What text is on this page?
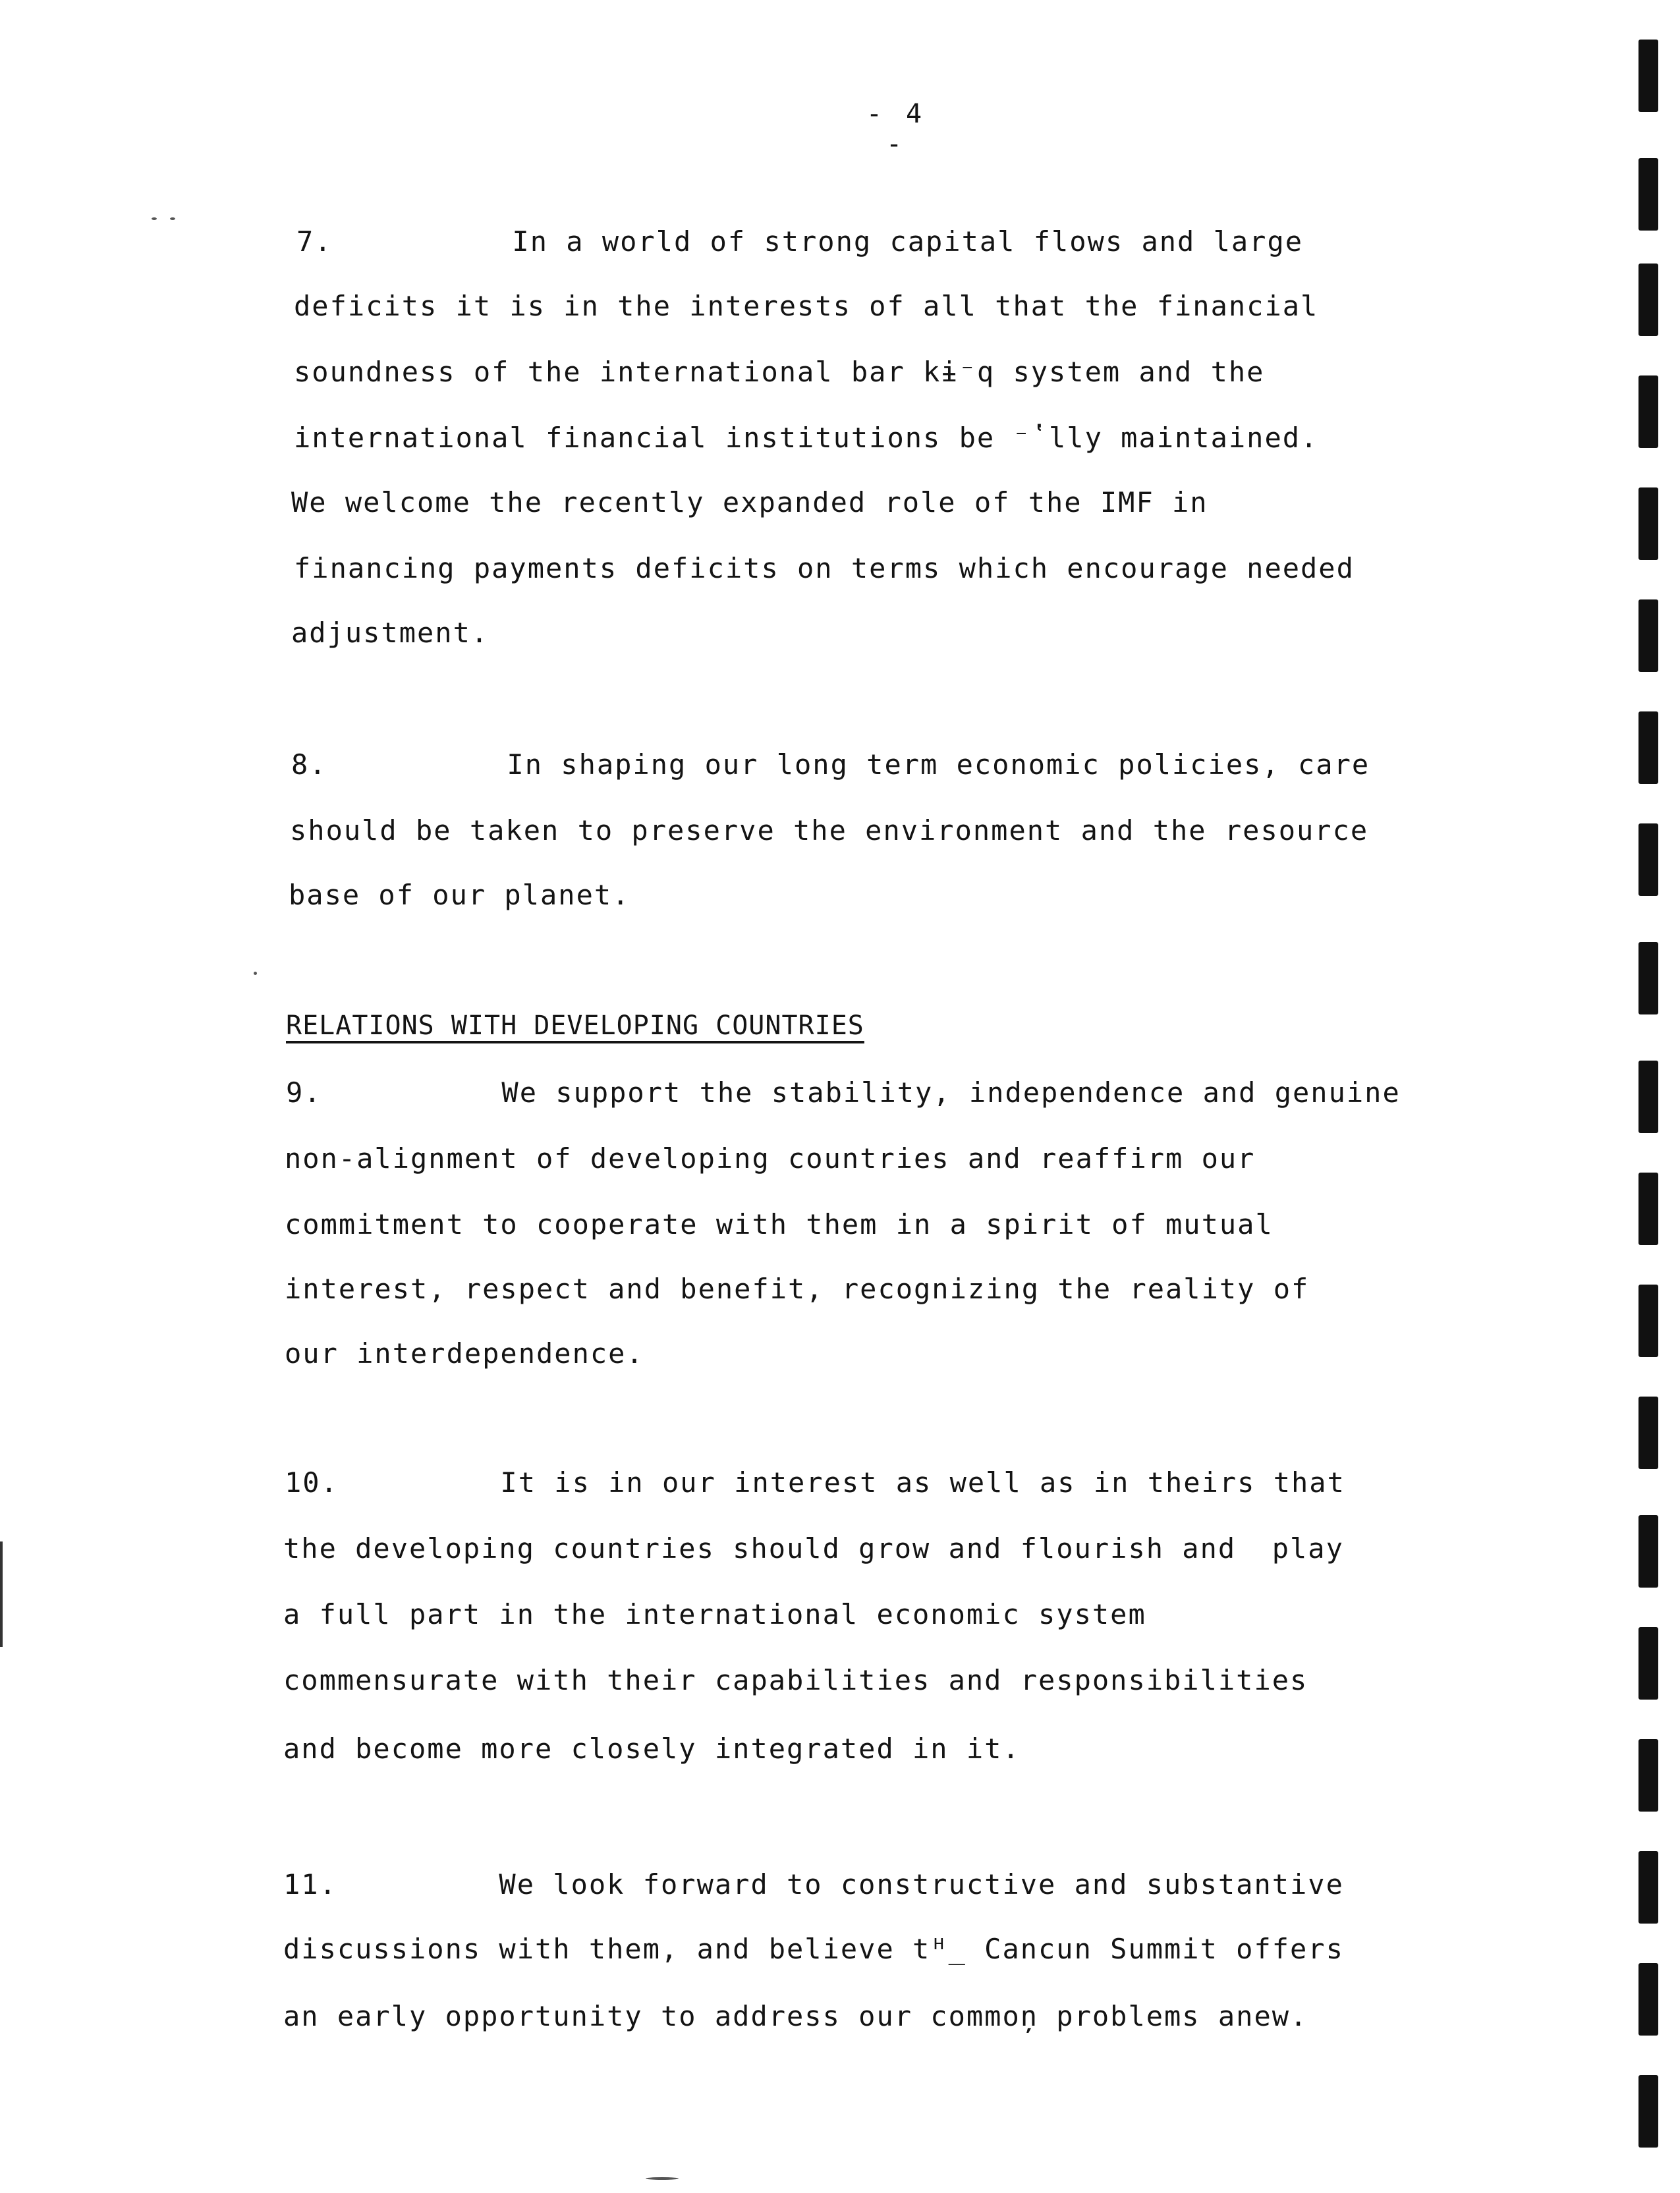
- 4 -
7.          In a world of strong capital flows and large
deficits it is in the interests of all that the financial
soundness of the international bar kɨ⁻q system and the
international financial institutions be ⁻ʽlly maintained.
We welcome the recently expanded role of the IMF in
financing payments deficits on terms which encourage needed
adjustment.
8.          In shaping our long term economic policies, care
should be taken to preserve the environment and the resource
base of our planet.
RELATIONS WITH DEVELOPING COUNTRIES
9.          We support the stability, independence and genuine
non-alignment of developing countries and reaffirm our
commitment to cooperate with them in a spirit of mutual
interest, respect and benefit, recognizing the reality of
our interdependence.
10.         It is in our interest as well as in theirs that
the developing countries should grow and flourish and  play
a full part in the international economic system
commensurate with their capabilities and responsibilities
and become more closely integrated in it.
11.         We look forward to constructive and substantive
discussions with them, and believe tᴴ_ Cancun Summit offers
an early opportunity to address our commoņ problems anew.
